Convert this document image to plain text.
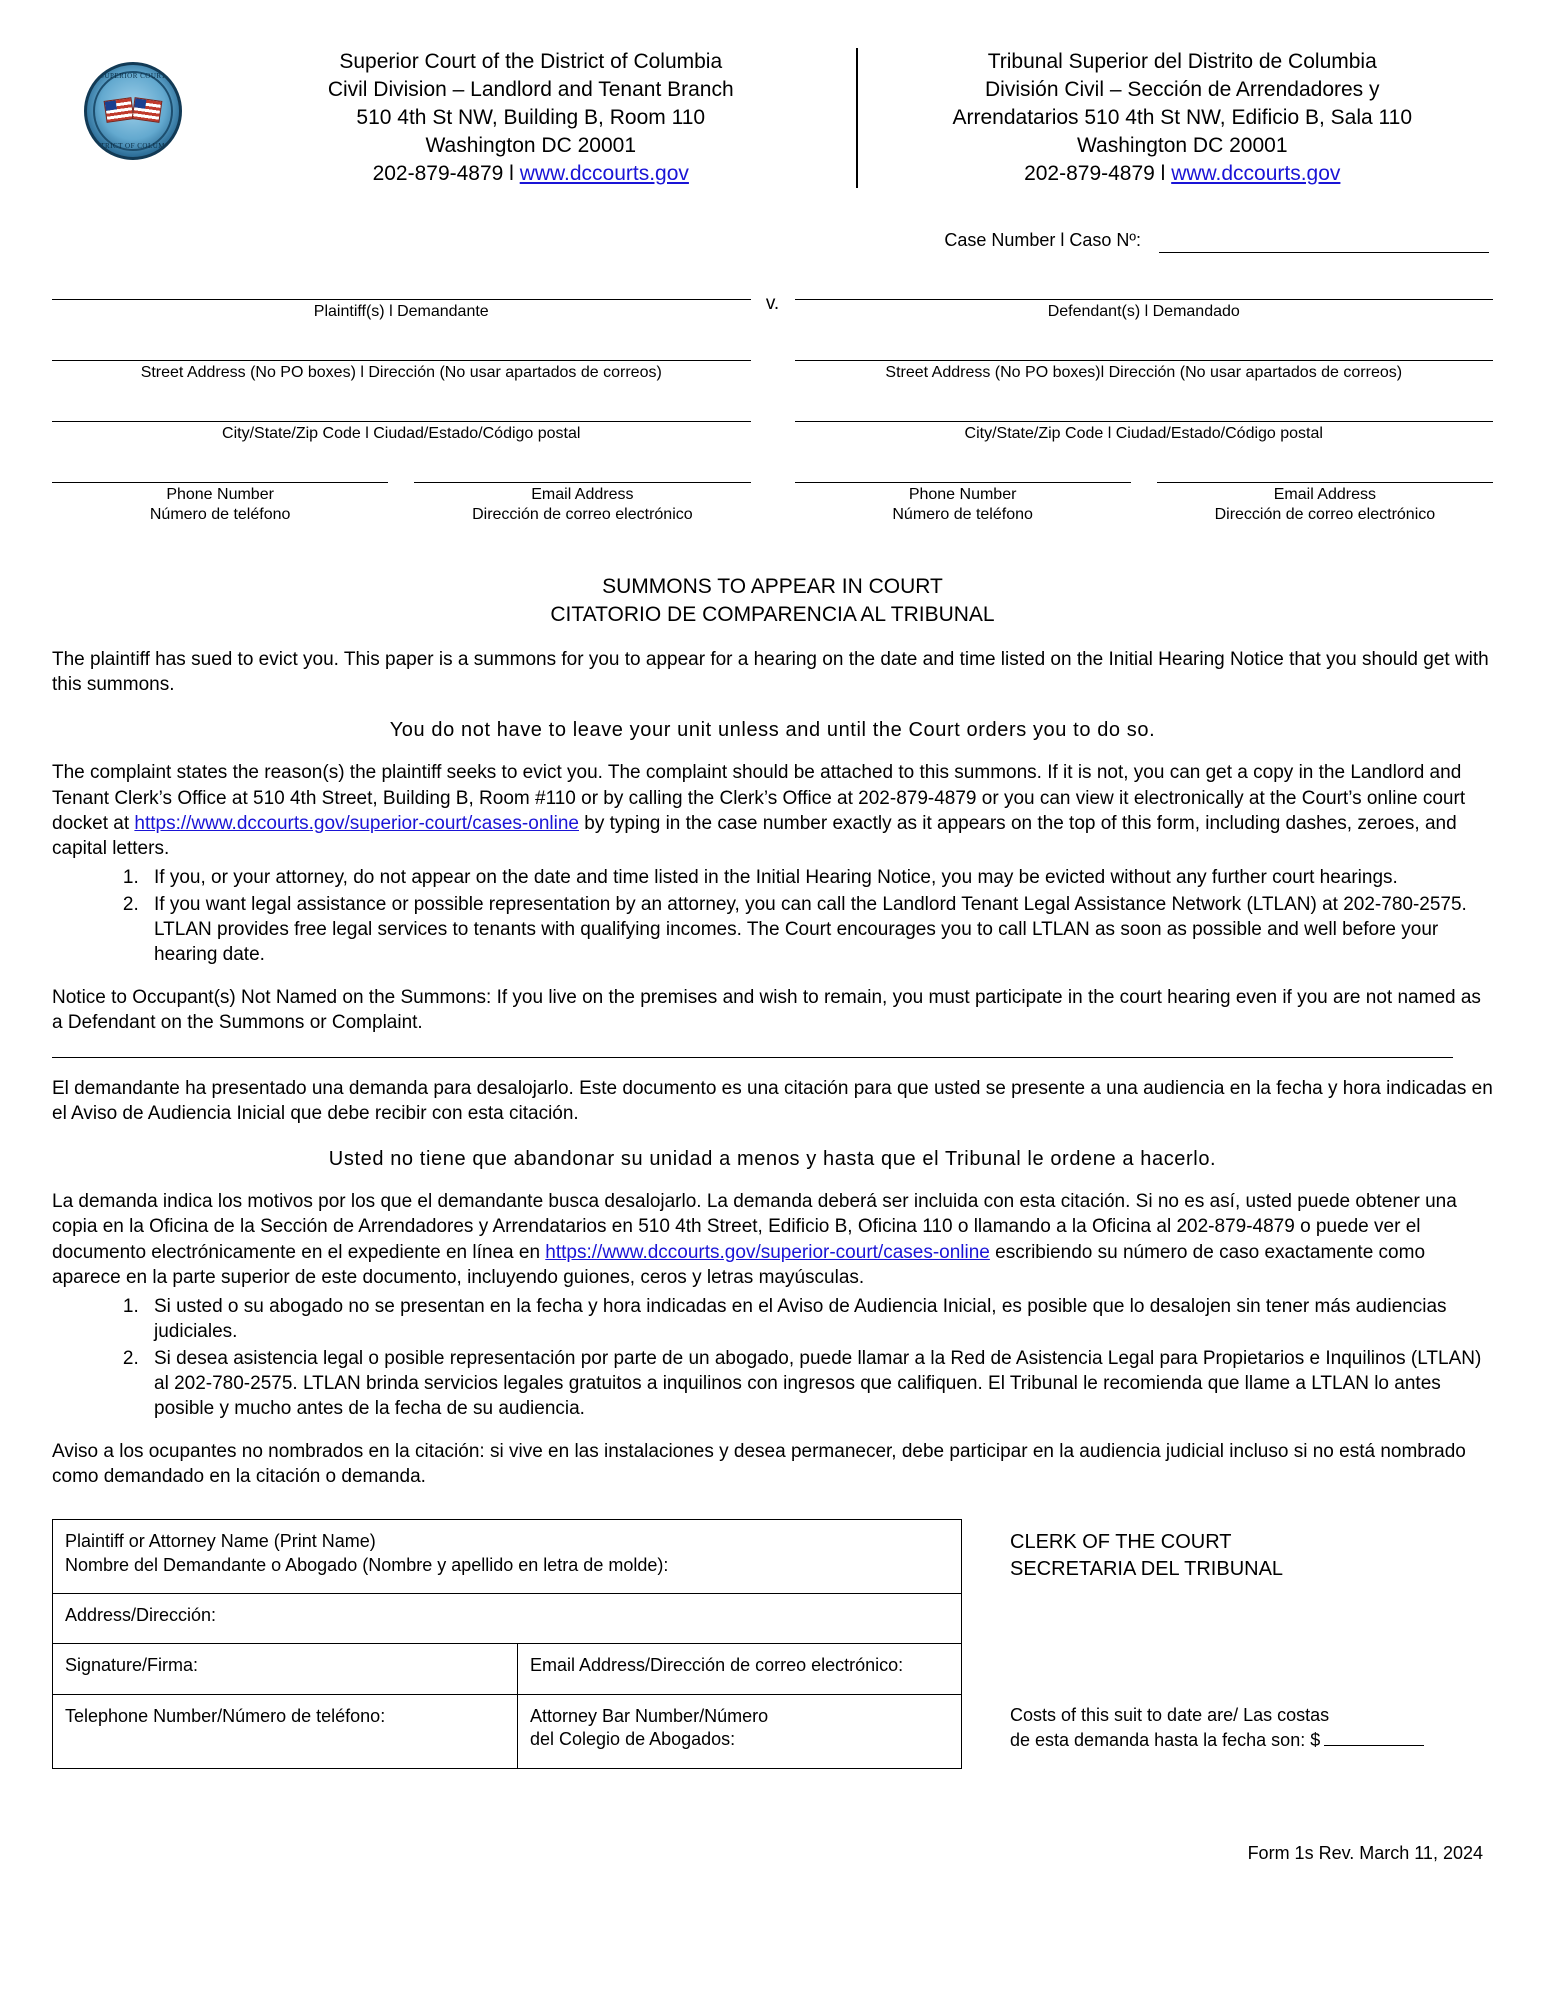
SUPERIOR COURT
DISTRICT OF COLUMBIA
Superior Court of the District of Columbia
Civil Division – Landlord and Tenant Branch
510 4th St NW, Building B, Room 110
Washington DC 20001
202-879-4879 l www.dccourts.gov
Tribunal Superior del Distrito de Columbia
División Civil – Sección de Arrendadores y
Arrendatarios 510 4th St NW, Edificio B, Sala 110
Washington DC 20001
202-879-4879 l www.dccourts.gov
Case Number l Caso Nº:
Plaintiff(s) l Demandante
Street Address (No PO boxes) l Dirección (No usar apartados de correos)
City/State/Zip Code l Ciudad/Estado/Código postal
Phone Number
Número de teléfono
Email Address
Dirección de correo electrónico
v.	Defendant(s) l Demandado
Street Address (No PO boxes)l Dirección (No usar apartados de correos)
City/State/Zip Code l Ciudad/Estado/Código postal
Phone Number
Número de teléfono
Email Address
Dirección de correo electrónico
SUMMONS TO APPEAR IN COURT
CITATORIO DE COMPARENCIA AL TRIBUNAL

The plaintiff has sued to evict you. This paper is a summons for you to appear for a hearing on the date and time listed on the Initial Hearing Notice that you should get with this summons.

You do not have to leave your unit unless and until the Court orders you to do so.

The complaint states the reason(s) the plaintiff seeks to evict you. The complaint should be attached to this summons. If it is not, you can get a copy in the Landlord and Tenant Clerk’s Office at 510 4th Street, Building B, Room #110 or by calling the Clerk’s Office at 202-879-4879 or you can view it electronically at the Court’s online court docket at https://www.dccourts.gov/superior-court/cases-online by typing in the case number exactly as it appears on the top of this form, including dashes, zeroes, and capital letters.

1. If you, or your attorney, do not appear on the date and time listed in the Initial Hearing Notice, you may be evicted without any further court hearings.
2. If you want legal assistance or possible representation by an attorney, you can call the Landlord Tenant Legal Assistance Network (LTLAN) at 202-780-2575. LTLAN provides free legal services to tenants with qualifying incomes. The Court encourages you to call LTLAN as soon as possible and well before your hearing date.

Notice to Occupant(s) Not Named on the Summons: If you live on the premises and wish to remain, you must participate in the court hearing even if you are not named as a Defendant on the Summons or Complaint.

El demandante ha presentado una demanda para desalojarlo. Este documento es una citación para que usted se presente a una audiencia en la fecha y hora indicadas en el Aviso de Audiencia Inicial que debe recibir con esta citación.

Usted no tiene que abandonar su unidad a menos y hasta que el Tribunal le ordene a hacerlo.

La demanda indica los motivos por los que el demandante busca desalojarlo. La demanda deberá ser incluida con esta citación. Si no es así, usted puede obtener una copia en la Oficina de la Sección de Arrendadores y Arrendatarios en 510 4th Street, Edificio B, Oficina 110 o llamando a la Oficina al 202-879-4879 o puede ver el documento electrónicamente en el expediente en línea en https://www.dccourts.gov/superior-court/cases-online escribiendo su número de caso exactamente como aparece en la parte superior de este documento, incluyendo guiones, ceros y letras mayúsculas.

1. Si usted o su abogado no se presentan en la fecha y hora indicadas en el Aviso de Audiencia Inicial, es posible que lo desalojen sin tener más audiencias judiciales.
2. Si desea asistencia legal o posible representación por parte de un abogado, puede llamar a la Red de Asistencia Legal para Propietarios e Inquilinos (LTLAN) al 202-780-2575. LTLAN brinda servicios legales gratuitos a inquilinos con ingresos que califiquen. El Tribunal le recomienda que llame a LTLAN lo antes posible y mucho antes de la fecha de su audiencia.

Aviso a los ocupantes no nombrados en la citación: si vive en las instalaciones y desea permanecer, debe participar en la audiencia judicial incluso si no está nombrado como demandado en la citación o demanda.

Plaintiff or Attorney Name (Print Name)
Nombre del Demandante o Abogado (Nombre y apellido en letra de molde):
Address/Dirección:
Signature/Firma:	Email Address/Dirección de correo electrónico:
Telephone Number/Número de teléfono:	Attorney Bar Number/Número
del Colegio de Abogados:
CLERK OF THE COURT
SECRETARIA DEL TRIBUNAL
Costs of this suit to date are/ Las costas
de esta demanda hasta la fecha son: $
Form 1s Rev. March 11, 2024
